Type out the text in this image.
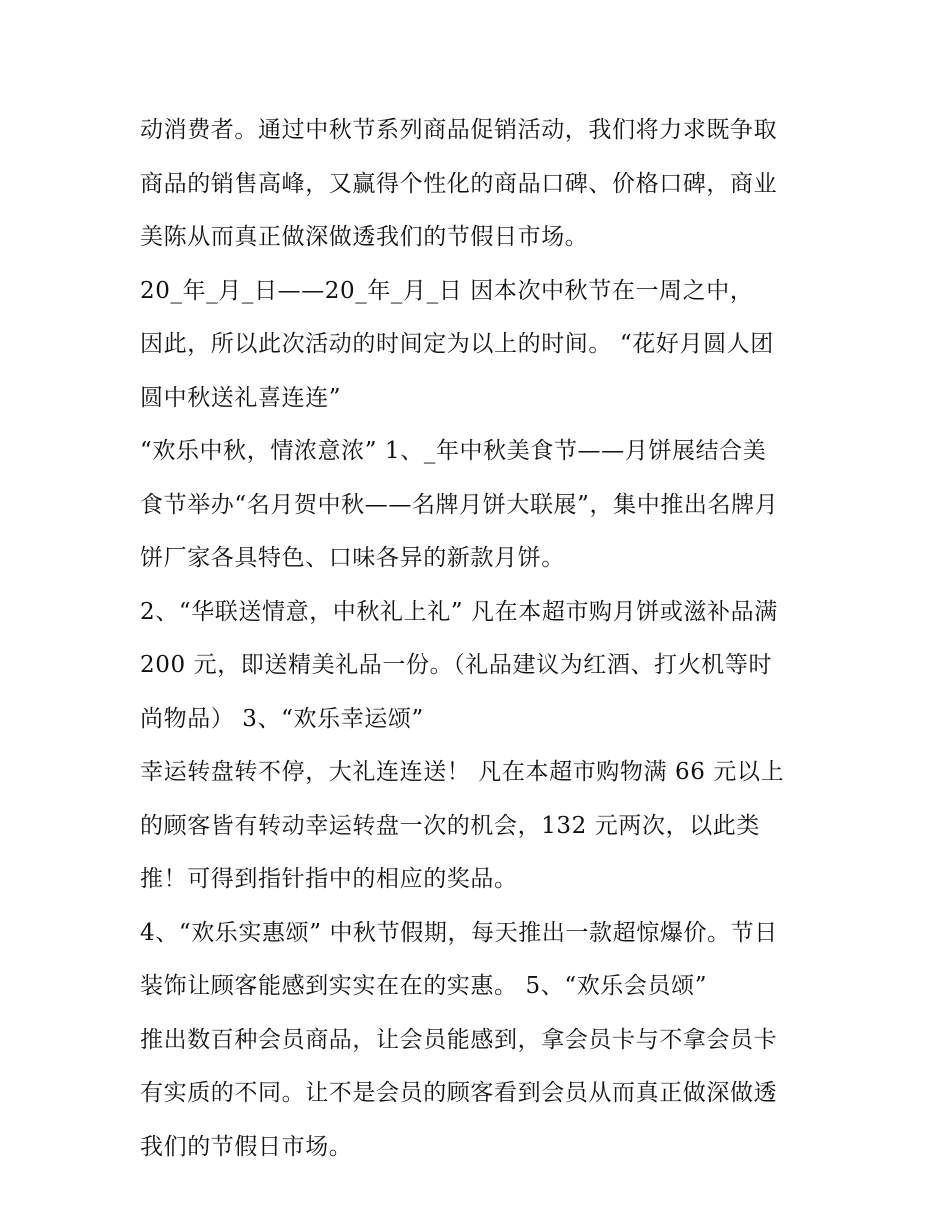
动消费者。通过中秋节系列商品促销活动，我们将力求既争取
商品的销售高峰，又赢得个性化的商品口碑、价格口碑，商业
美陈从而真正做深做透我们的节假日市场。
20_年_月_日——20_年_月_日 因本次中秋节在一周之中，
因此，所以此次活动的时间定为以上的时间。 “花好月圆人团
圆中秋送礼喜连连”
“欢乐中秋，情浓意浓” 1、_年中秋美食节——月饼展结合美
食节举办“名月贺中秋——名牌月饼大联展”，集中推出名牌月
饼厂家各具特色、口味各异的新款月饼。
2、“华联送情意，中秋礼上礼” 凡在本超市购月饼或滋补品满
200 元，即送精美礼品一份。（礼品建议为红酒、打火机等时
尚物品） 3、“欢乐幸运颂”
幸运转盘转不停，大礼连连送！ 凡在本超市购物满 66 元以上
的顾客皆有转动幸运转盘一次的机会，132 元两次，以此类
推！可得到指针指中的相应的奖品。
4、“欢乐实惠颂” 中秋节假期，每天推出一款超惊爆价。节日
装饰让顾客能感到实实在在的实惠。 5、“欢乐会员颂”
推出数百种会员商品，让会员能感到，拿会员卡与不拿会员卡
有实质的不同。让不是会员的顾客看到会员从而真正做深做透
我们的节假日市场。
